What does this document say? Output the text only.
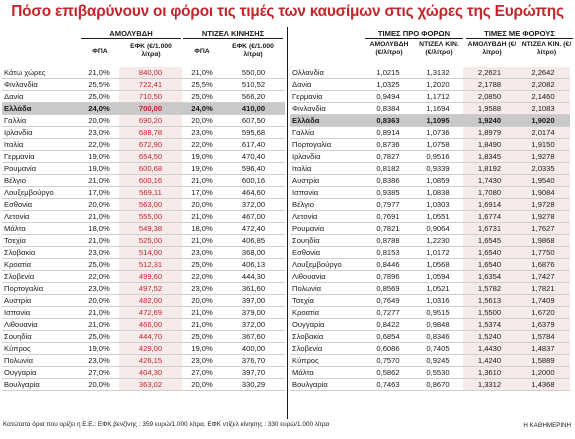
Πόσο επιβαρύνουν οι φόροι τις τιμές των καυσίμων στις χώρες της Ευρώπης
ΑΜΟΛΥΒΔΗ	ΝΤΙΖΕΛ ΚΙΝΗΣΗΣ
ΦΠΑ
ΕΦΚ (€/1.000 λίτρα)	ΦΠΑ
ΕΦΚ (€/1.000 λίτρα)
ΤΙΜΕΣ ΠΡΟ ΦΟΡΩΝ	ΤΙΜΕΣ ΜΕ ΦΟΡΟΥΣ
ΑΜΟΛΥΒΔΗ (€/λίτρο)
ΝΤΙΖΕΛ ΚΙΝ. (€/λίτρο)
ΑΜΟΛΥΒΔΗ (€/λίτρο)
ΝΤΙΖΕΛ ΚΙΝ. (€/λίτρο)
Κάτω χώρες	21,0%	840,00	21,0%	550,00
Φινλανδία	25,5%	722,41	25,5%	510,52
Δανία	25,0%	710,50	25,0%	566,20
Ελλάδα	24,0%	700,00	24,0%	410,00
Γαλλία	20,0%	690,20	20,0%	607,50
Ιρλανδία	23,0%	688,78	23,0%	595,68
Ιταλία	22,0%	672,90	22,0%	617,40
Γερμανία	19,0%	654,50	19,0%	470,40
Ρουμανία	19,0%	600,68	19,0%	596,40
Βέλγιο	21,0%	600,16	21,0%	600,16
Λουξεμβούργο	17,0%	569,11	17,0%	464,60
Εσθονία	20,0%	563,00	20,0%	372,00
Λετονία	21,0%	555,00	21,0%	467,00
Μάλτα	18,0%	549,38	18,0%	472,40
Τσεχία	21,0%	525,00	21,0%	406,85
Σλοβακία	23,0%	514,00	23,0%	368,00
Κροατία	25,0%	512,31	25,0%	406,13
Σλοβενία	22,0%	499,60	22,0%	444,30
Πορτογαλία	23,0%	497,52	23,0%	361,60
Αυστρία	20,0%	482,00	20,0%	397,00
Ισπανία	21,0%	472,69	21,0%	379,00
Λιθουανία	21,0%	466,00	21,0%	372,00
Σουηδία	25,0%	444,70	25,0%	367,60
Κύπρος	19,0%	429,00	19,0%	400,00
Πολωνία	23,0%	426,15	23,0%	376,70
Ουγγαρία	27,0%	404,30	27,0%	397,70
Βουλγαρία	20,0%	363,02	20,0%	330,29
Ολλανδία	1,0215	1,3132	2,2621	2,2642
Δανία	1,0325	1,2020	2,1788	2,2082
Γερμανία	0,9494	1,1712	2,0850	2,1460
Φινλανδία	0,8384	1,1694	1,9588	2,1083
Ελλάδα	0,8363	1,1095	1,9240	1,9020
Γαλλία	0,8914	1,0736	1,8979	2,0174
Πορτογαλία	0,8736	1,0758	1,8490	1,9150
Ιρλανδία	0,7827	0,9516	1,8345	1,9278
Ιταλία	0,8182	0,9339	1,8192	2,0335
Αυστρία	0,8386	1,0859	1,7430	1,9540
Ισπανία	0,9385	1,0838	1,7080	1,9084
Βέλγιο	0,7977	1,0303	1,6914	1,9728
Λετονία	0,7691	1,0551	1,6774	1,9278
Ρουμανία	0,7821	0,9064	1,6731	1,7627
Σουηδία	0,8788	1,2230	1,6545	1,9868
Εσθονία	0,8153	1,0172	1,6540	1,7750
Λουξεμβούργο	0,8446	1,0568	1,6540	1,6876
Λιθουανία	0,7896	1,0594	1,6354	1,7427
Πολωνία	0,8569	1,0521	1,5782	1,7821
Τσεχία	0,7649	1,0316	1,5613	1,7409
Κροατία	0,7277	0,9515	1,5500	1,6720
Ουγγαρία	0,8422	0,9848	1,5374	1,6379
Σλοβακία	0,6854	0,8346	1,5240	1,5784
Σλοβενία	0,6086	0,7405	1,4430	1,4837
Κύπρος	0,7570	0,9245	1,4240	1,5889
Μάλτα	0,5862	0,5530	1,3610	1,2000
Βουλγαρία	0,7463	0,8670	1,3312	1,4368
Κατώτατα όρια που ορίζει η Ε.Ε.: ΕΦΚ βενζίνης : 359 ευρώ/1.000 λίτρα, ΕΦΚ ντίζελ κίνησης : 330 ευρώ/1.000 λίτρα	Η ΚΑΘΗΜΕΡΙΝΗ
